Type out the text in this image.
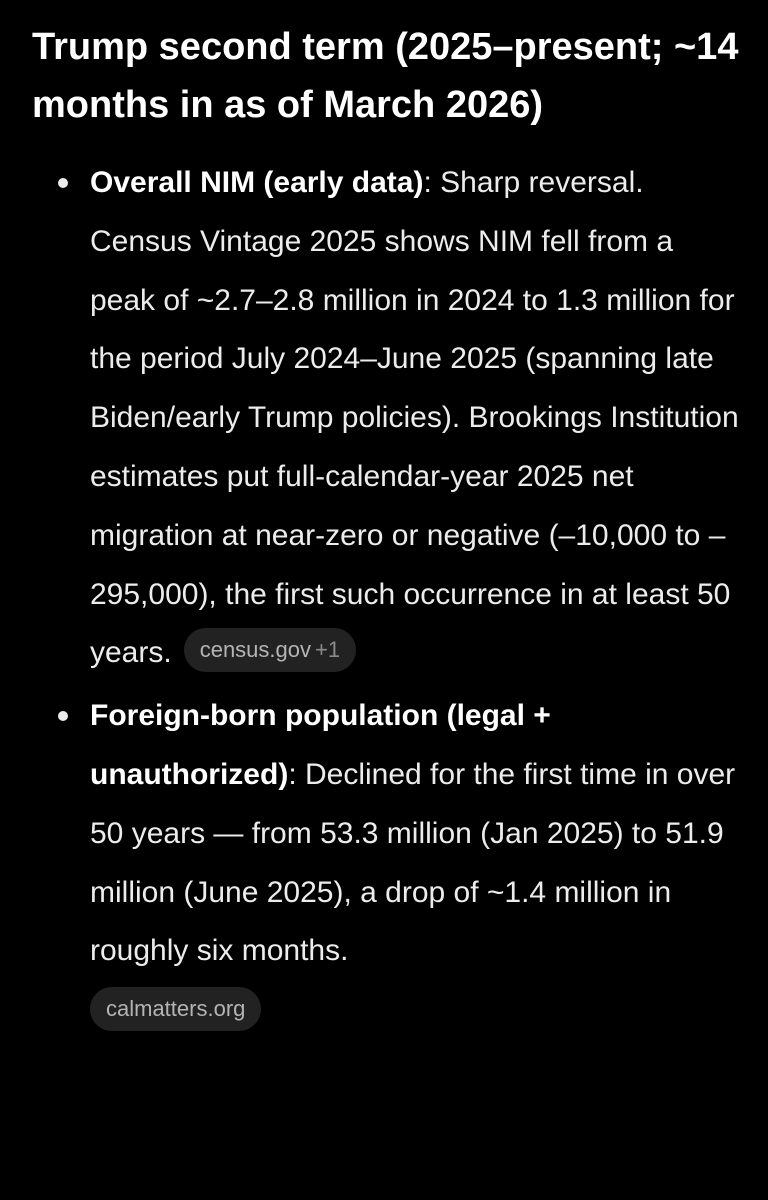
Trump second term (2025–present; ~14 months in as of March 2026)
Overall NIM (early data): Sharp reversal. Census Vintage 2025 shows NIM fell from a peak of ~2.7–2.8 million in 2024 to 1.3 million for the period July 2024–June 2025 (spanning late Biden/early Trump policies). Brookings Institution estimates put full-calendar-year 2025 net migration at near-zero or negative (–10,000 to –295,000), the first such occurrence in at least 50 years. census.gov +1
Foreign-born population (legal + unauthorized): Declined for the first time in over 50 years — from 53.3 million (Jan 2025) to 51.9 million (June 2025), a drop of ~1.4 million in roughly six months.
calmatters.org
